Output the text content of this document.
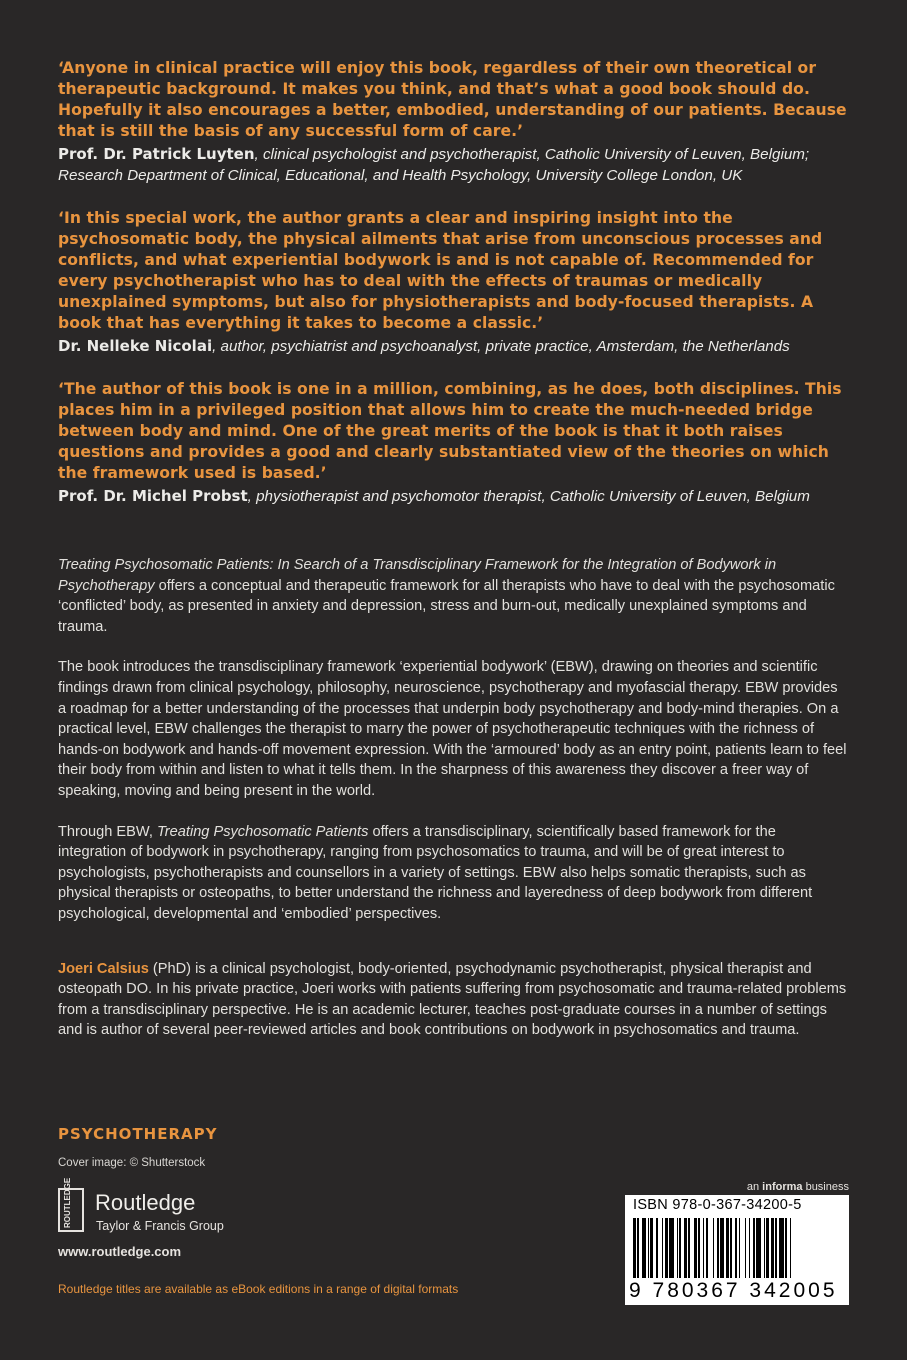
‘Anyone in clinical practice will enjoy this book, regardless of their own theoretical or therapeutic background. It makes you think, and that’s what a good book should do. Hopefully it also encourages a better, embodied, understanding of our patients. Because that is still the basis of any successful form of care.’

Prof. Dr. Patrick Luyten, clinical psychologist and psychotherapist, Catholic University of Leuven, Belgium; Research Department of Clinical, Educational, and Health Psychology, University College London, UK

‘In this special work, the author grants a clear and inspiring insight into the psychosomatic body, the physical ailments that arise from unconscious processes and conflicts, and what experiential bodywork is and is not capable of. Recommended for every psychotherapist who has to deal with the effects of traumas or medically unexplained symptoms, but also for physiotherapists and body-focused therapists. A book that has everything it takes to become a classic.’

Dr. Nelleke Nicolai, author, psychiatrist and psychoanalyst, private practice, Amsterdam, the Netherlands

‘The author of this book is one in a million, combining, as he does, both disciplines. This places him in a privileged position that allows him to create the much-needed bridge between body and mind. One of the great merits of the book is that it both raises questions and provides a good and clearly substantiated view of the theories on which the framework used is based.’

Prof. Dr. Michel Probst, physiotherapist and psychomotor therapist, Catholic University of Leuven, Belgium

Treating Psychosomatic Patients: In Search of a Transdisciplinary Framework for the Integration of Bodywork in Psychotherapy offers a conceptual and therapeutic framework for all therapists who have to deal with the psychosomatic ‘conflicted’ body, as presented in anxiety and depression, stress and burn-out, medically unexplained symptoms and trauma.

The book introduces the transdisciplinary framework ‘experiential bodywork’ (EBW), drawing on theories and scientific findings drawn from clinical psychology, philosophy, neuroscience, psychotherapy and myofascial therapy. EBW provides a roadmap for a better understanding of the processes that underpin body psychotherapy and body-mind therapies. On a practical level, EBW challenges the therapist to marry the power of psychotherapeutic techniques with the richness of hands-on bodywork and hands-off movement expression. With the ‘armoured’ body as an entry point, patients learn to feel their body from within and listen to what it tells them. In the sharpness of this awareness they discover a freer way of speaking, moving and being present in the world.

Through EBW, Treating Psychosomatic Patients offers a transdisciplinary, scientifically based framework for the integration of bodywork in psychotherapy, ranging from psychosomatics to trauma, and will be of great interest to psychologists, psychotherapists and counsellors in a variety of settings. EBW also helps somatic therapists, such as physical therapists or osteopaths, to better understand the richness and layeredness of deep bodywork from different psychological, developmental and ‘embodied’ perspectives.

Joeri Calsius (PhD) is a clinical psychologist, body-oriented, psychodynamic psychotherapist, physical therapist and osteopath DO. In his private practice, Joeri works with patients suffering from psychosomatic and trauma-related problems from a transdisciplinary perspective. He is an academic lecturer, teaches post-graduate courses in a number of settings and is author of several peer-reviewed articles and book contributions on bodywork in psychosomatics and trauma.

PSYCHOTHERAPY
Cover image: © Shutterstock
ROUTLEDGE Routledge
Taylor & Francis Group
www.routledge.com
Routledge titles are available as eBook editions in a range of digital formats
an informa business
ISBN 978-0-367-34200-5
9 780367 342005
